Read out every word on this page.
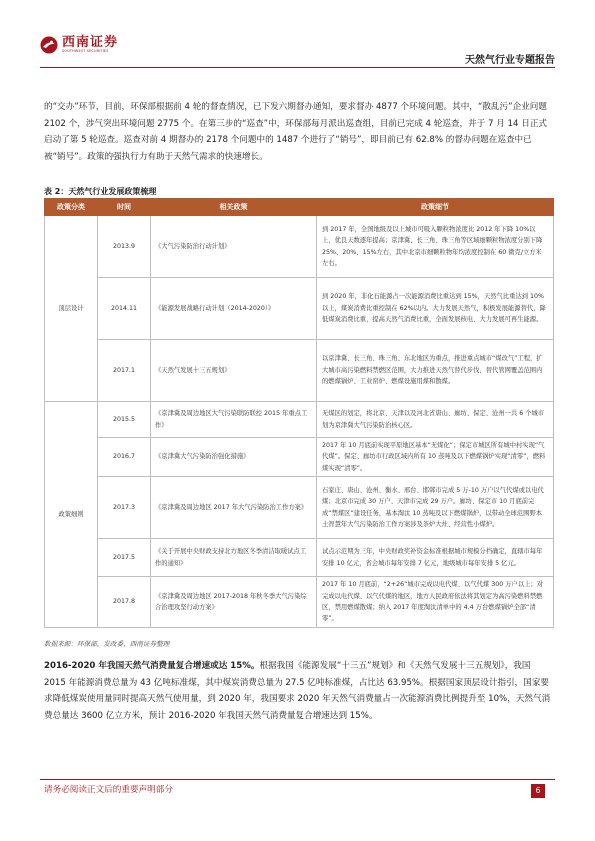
西南证券
SOUTHWEST SECURITIES
天然气行业专题报告

的“交办”环节，目前，环保部根据前 4 轮的督查情况，已下发六期督办通知，要求督办 4877 个环境问题。其中，“散乱污”企业问题 2102 个，涉气突出环境问题 2775 个。在第三步的“巡查”中，环保部每月派出巡查组，目前已完成 4 轮巡查，并于 7 月 14 日正式启动了第 5 轮巡查。巡查对前 4 期督办的 2178 个问题中的 1487 个进行了“销号”，即目前已有 62.8% 的督办问题在巡查中已被“销号”。政策的强执行力有助于天然气需求的快速增长。

表 2：天然气行业发展政策梳理
政策分类	时间	相关政策	政策细节
顶层设计	2013.9	《大气污染防治行动计划》	到 2017 年，全国地级及以上城市可吸入颗粒物浓度比 2012 年下降 10%以上，优良天数逐年提高；京津冀、长三角、珠三角等区域细颗粒物浓度分别下降 25%、20%、15%左右，其中北京市细颗粒物年均浓度控制在 60 微克/立方米左右。
	2014.11	《能源发展战略行动计划（2014-2020）》	到 2020 年，非化石能源占一次能源消费比重达到 15%，天然气比重达到 10%以上，煤炭消费比重控制在 62%以内。大力发展天然气，积极发展能源替代，降低煤炭消费比重，提高天然气消费比重，全面发展核电、大力发展可再生能源。
	2017.1	《天然气发展十三五规划》	以京津冀、长三角、珠三角、东北地区为重点，推进重点城市“煤改气”工程，扩大城市高污染燃料禁燃区范围，大力推进天然气替代步伐，替代管网覆盖范围内的燃煤锅炉、工业窑炉、燃煤设施用煤和散煤。
政策细则	2015.5	《京津冀及周边地区大气污染联防联控 2015 年重点工作》	无煤区的划定，将北京、天津以及河北省唐山、廊坊、保定、沧州一共 6 个城市划为京津冀大气污染防治核心区。
	2016.7	《京津冀大气污染防治强化措施》	2017 年 10 月底前实现平原地区基本“无煤化”；保定市城区所有城中村实现“气代煤”。保定、廊坊市行政区域内所有 10 蒸吨及以下燃煤锅炉实现“清零”，燃料煤实现“清零”。
	2017.3	《京津冀及周边地区 2017 年大气污染防治工作方案》	石家庄、唐山、沧州、衡水、邢台、邯郸市完成 5 万-10 万户以气代煤或以电代煤；北京市完成 30 万户、天津市完成 29 万户。廊坊、保定市 10 月底前完成“禁煤区”建设任务，基本淘汰 10 蒸吨及以下燃煤锅炉，以带动全球范围野本土智慧年大气污染防治工作方案涉及茶炉大灶、经营性小煤炉。
	2017.5	《关于开展中央财政支持北方地区冬季清洁取暖试点工作的通知》	试点示范期为三年，中央财政奖补资金标准根据城市规模分档确定，直辖市每年安排 10 亿元，省会城市每年安排 7 亿元，地级城市每年安排 5 亿元。
	2017.8	《京津冀及周边地区 2017-2018 年秋冬季大气污染综合治理攻坚行动方案》	2017 年 10 月底前，“2+26”城市完成以电代煤、以气代煤 300 万户以上；对完成以电代煤、以气代煤的地区，地方人民政府依法将其划定为高污染燃料禁燃区，禁用燃煤散煤；纳入 2017 年度淘汰清单中的 4.4 万台燃煤锅炉全部“清零”。
数据来源：环保部，发改委，西南证券整理

2016-2020 年我国天然气消费量复合增速或达 15%。根据我国《能源发展“十三五”规划》和《天然气发展十三五规划》，我国 2015 年能源消费总量为 43 亿吨标准煤，其中煤炭消费总量为 27.5 亿吨标准煤，占比达 63.95%。根据国家顶层设计指引，国家要求降低煤炭使用量同时提高天然气使用量，到 2020 年，我国要求 2020 年天然气消费量占一次能源消费比例提升至 10%，天然气消费总量达 3600 亿立方米，预计 2016-2020 年我国天然气消费量复合增速达到 15%。

请务必阅读正文后的重要声明部分	6
